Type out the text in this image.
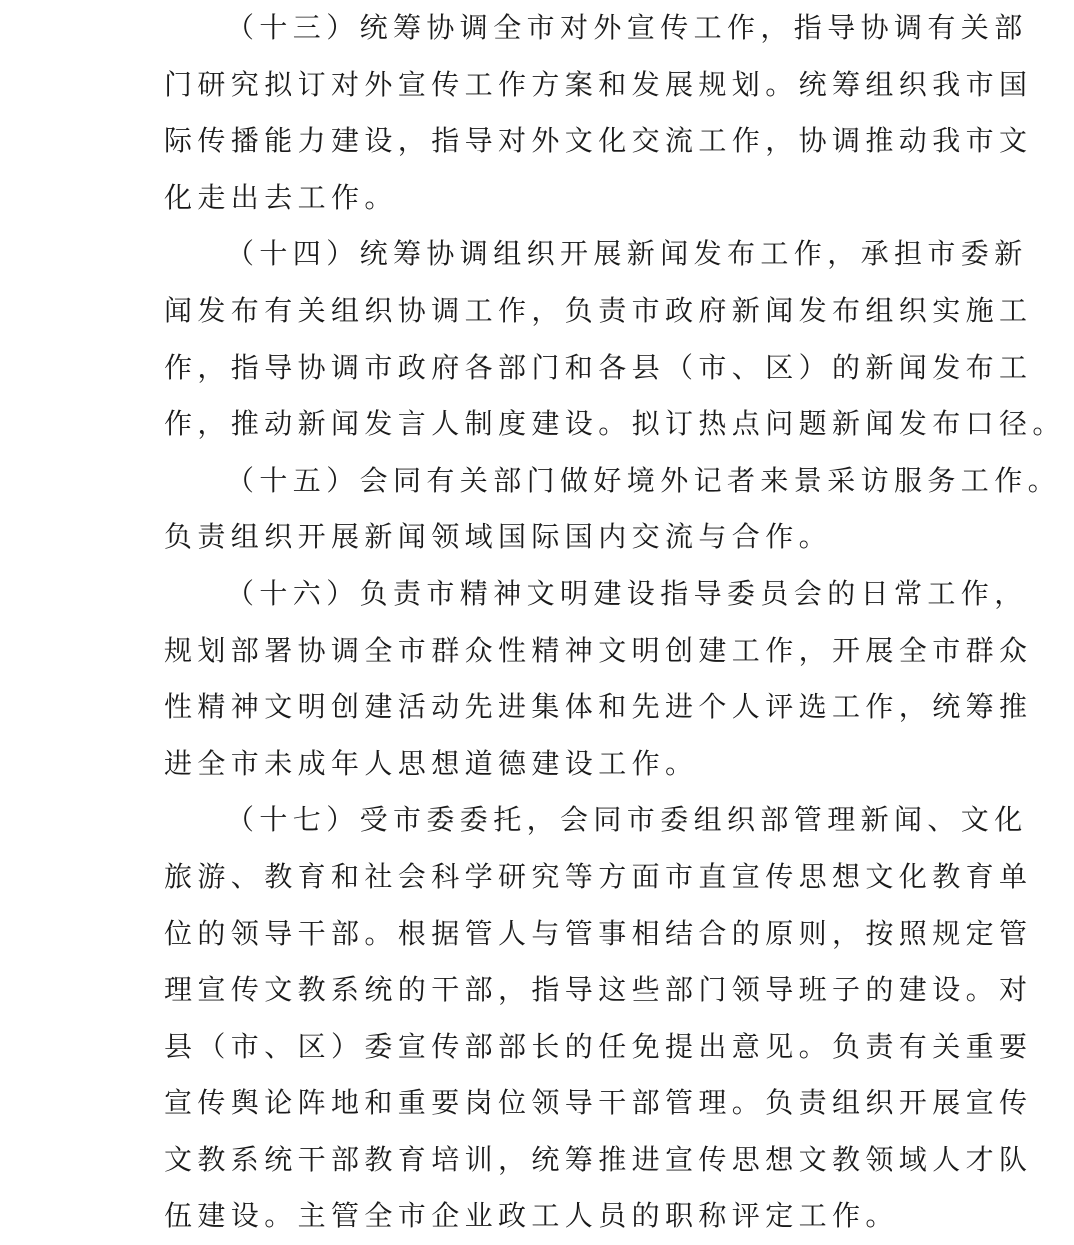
（十三）统筹协调全市对外宣传工作，指导协调有关部
门研究拟订对外宣传工作方案和发展规划。统筹组织我市国
际传播能力建设，指导对外文化交流工作，协调推动我市文
化走出去工作。
（十四）统筹协调组织开展新闻发布工作，承担市委新
闻发布有关组织协调工作，负责市政府新闻发布组织实施工
作，指导协调市政府各部门和各县（市、区）的新闻发布工
作，推动新闻发言人制度建设。拟订热点问题新闻发布口径。
（十五）会同有关部门做好境外记者来景采访服务工作。
负责组织开展新闻领域国际国内交流与合作。
（十六）负责市精神文明建设指导委员会的日常工作，
规划部署协调全市群众性精神文明创建工作，开展全市群众
性精神文明创建活动先进集体和先进个人评选工作，统筹推
进全市未成年人思想道德建设工作。
（十七）受市委委托，会同市委组织部管理新闻、文化
旅游、教育和社会科学研究等方面市直宣传思想文化教育单
位的领导干部。根据管人与管事相结合的原则，按照规定管
理宣传文教系统的干部，指导这些部门领导班子的建设。对
县（市、区）委宣传部部长的任免提出意见。负责有关重要
宣传舆论阵地和重要岗位领导干部管理。负责组织开展宣传
文教系统干部教育培训，统筹推进宣传思想文教领域人才队
伍建设。主管全市企业政工人员的职称评定工作。
